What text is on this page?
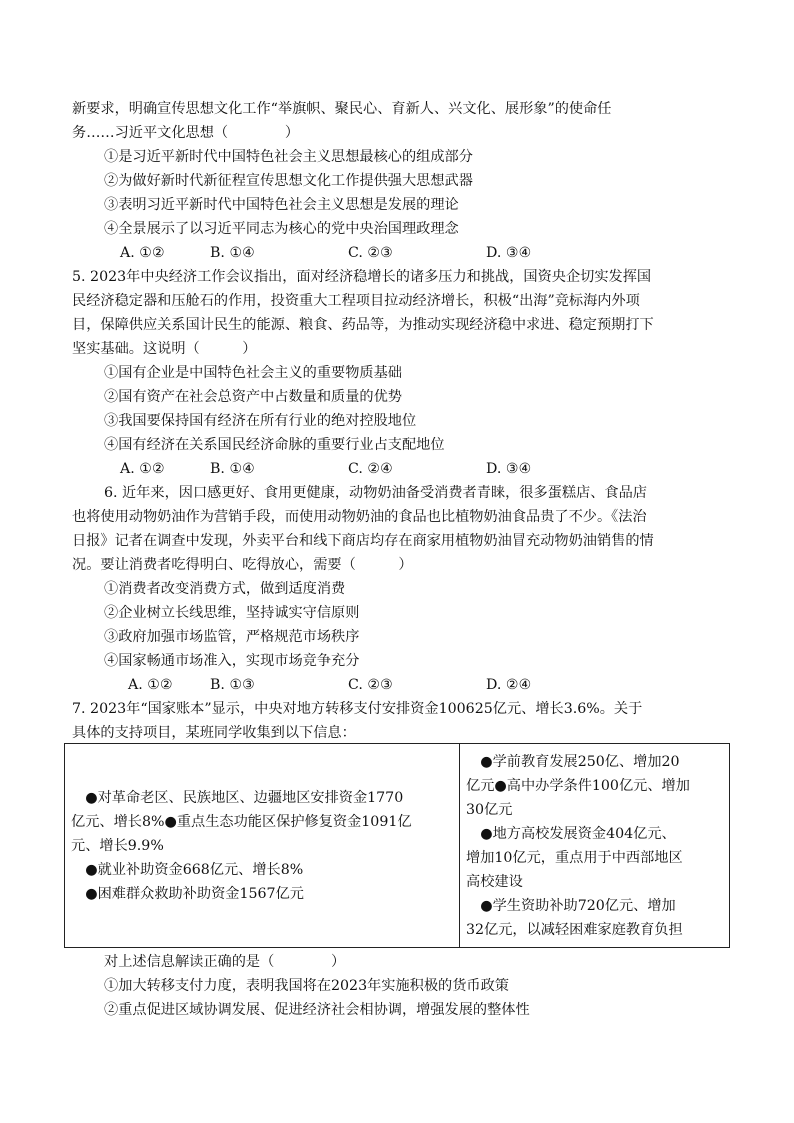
新要求，明确宣传思想文化工作“举旗帜、聚民心、育新人、兴文化、展形象”的使命任
务……习近平文化思想（　　　　）
①是习近平新时代中国特色社会主义思想最核心的组成部分
②为做好新时代新征程宣传思想文化工作提供强大思想武器
③表明习近平新时代中国特色社会主义思想是发展的理论
④全景展示了以习近平同志为核心的党中央治国理政理念

A. ①②

	B. ①④

	C. ②③

	D. ③④

5. 2023年中央经济工作会议指出，面对经济稳增长的诸多压力和挑战，国资央企切实发挥国
民经济稳定器和压舱石的作用，投资重大工程项目拉动经济增长，积极“出海”竞标海内外项
目，保障供应关系国计民生的能源、粮食、药品等，为推动实现经济稳中求进、稳定预期打下
坚实基础。这说明（　　　）
①国有企业是中国特色社会主义的重要物质基础
②国有资产在社会总资产中占数量和质量的优势
③我国要保持国有经济在所有行业的绝对控股地位
④国有经济在关系国民经济命脉的重要行业占支配地位

A. ①②

	B. ①④

	C. ②④

	D. ③④

6. 近年来，因口感更好、食用更健康，动物奶油备受消费者青睐，很多蛋糕店、食品店
也将使用动物奶油作为营销手段，而使用动物奶油的食品也比植物奶油食品贵了不少。《法治
日报》记者在调查中发现，外卖平台和线下商店均存在商家用植物奶油冒充动物奶油销售的情
况。要让消费者吃得明白、吃得放心，需要（　　　）
①消费者改变消费方式，做到适度消费
②企业树立长线思维，坚持诚实守信原则
③政府加强市场监管，严格规范市场秩序
④国家畅通市场准入，实现市场竞争充分

A. ①②

	B. ①③

	C. ②③

	D. ②④

7. 2023年“国家账本”显示，中央对地方转移支付安排资金100625亿元、增长3.6%。关于
具体的支持项目，某班同学收集到以下信息：
　●对革命老区、民族地区、边疆地区安排资金1770
亿元、增长8%●重点生态功能区保护修复资金1091亿
元、增长9.9%
　●就业补助资金668亿元、增长8%
　●困难群众救助补助资金1567亿元

　●学前教育发展250亿、增加20
亿元●高中办学条件100亿元、增加
30亿元
　●地方高校发展资金404亿元、
增加10亿元，重点用于中西部地区
高校建设
　●学生资助补助720亿元、增加
32亿元，以减轻困难家庭教育负担
对上述信息解读正确的是（　　　　）
①加大转移支付力度，表明我国将在2023年实施积极的货币政策
②重点促进区域协调发展、促进经济社会相协调，增强发展的整体性
